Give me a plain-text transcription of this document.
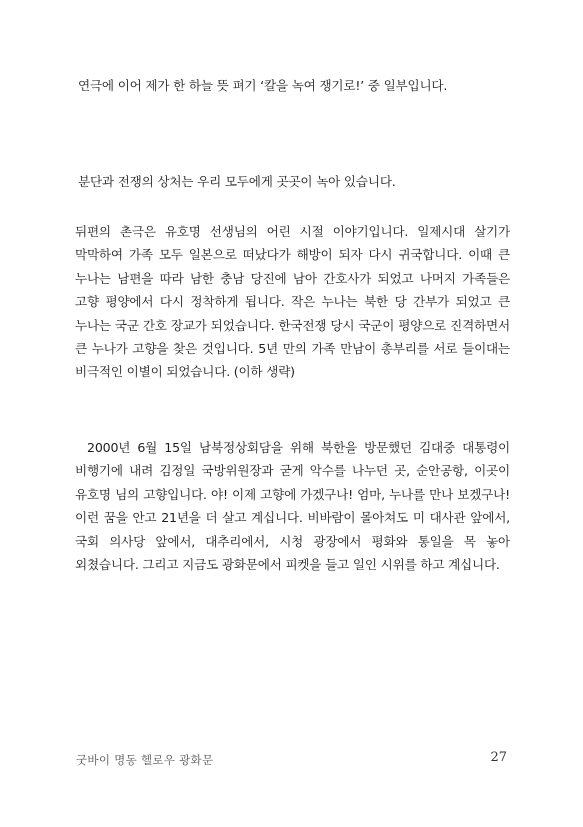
연극에 이어 제가 한 하늘 뜻 펴기 ‘칼을 녹여 쟁기로!’ 중 일부입니다.

분단과 전쟁의 상처는 우리 모두에게 곳곳이 녹아 있습니다.

뒤편의 촌극은 유호명 선생님의 어린 시절 이야기입니다. 일제시대 살기가 막막하여 가족 모두 일본으로 떠났다가 해방이 되자 다시 귀국합니다. 이때 큰 누나는 남편을 따라 남한 충남 당진에 남아 간호사가 되었고 나머지 가족들은 고향 평양에서 다시 정착하게 됩니다. 작은 누나는 북한 당 간부가 되었고 큰 누나는 국군 간호 장교가 되었습니다. 한국전쟁 당시 국군이 평양으로 진격하면서 큰 누나가 고향을 찾은 것입니다. 5년 만의 가족 만남이 총부리를 서로 들이대는 비극적인 이별이 되었습니다. (이하 생략)

2000년 6월 15일 남북정상회담을 위해 북한을 방문했던 김대중 대통령이 비행기에 내려 김정일 국방위원장과 굳게 악수를 나누던 곳, 순안공항, 이곳이 유호명 님의 고향입니다. 야! 이제 고향에 가겠구나! 엄마, 누나를 만나 보겠구나! 이런 꿈을 안고 21년을 더 살고 계십니다. 비바람이 몰아쳐도 미 대사관 앞에서, 국회 의사당 앞에서, 대추리에서, 시청 광장에서 평화와 통일을 목 놓아 외쳤습니다. 그리고 지금도 광화문에서 피켓을 들고 일인 시위를 하고 계십니다.

굿바이 명동 헬로우 광화문	27
